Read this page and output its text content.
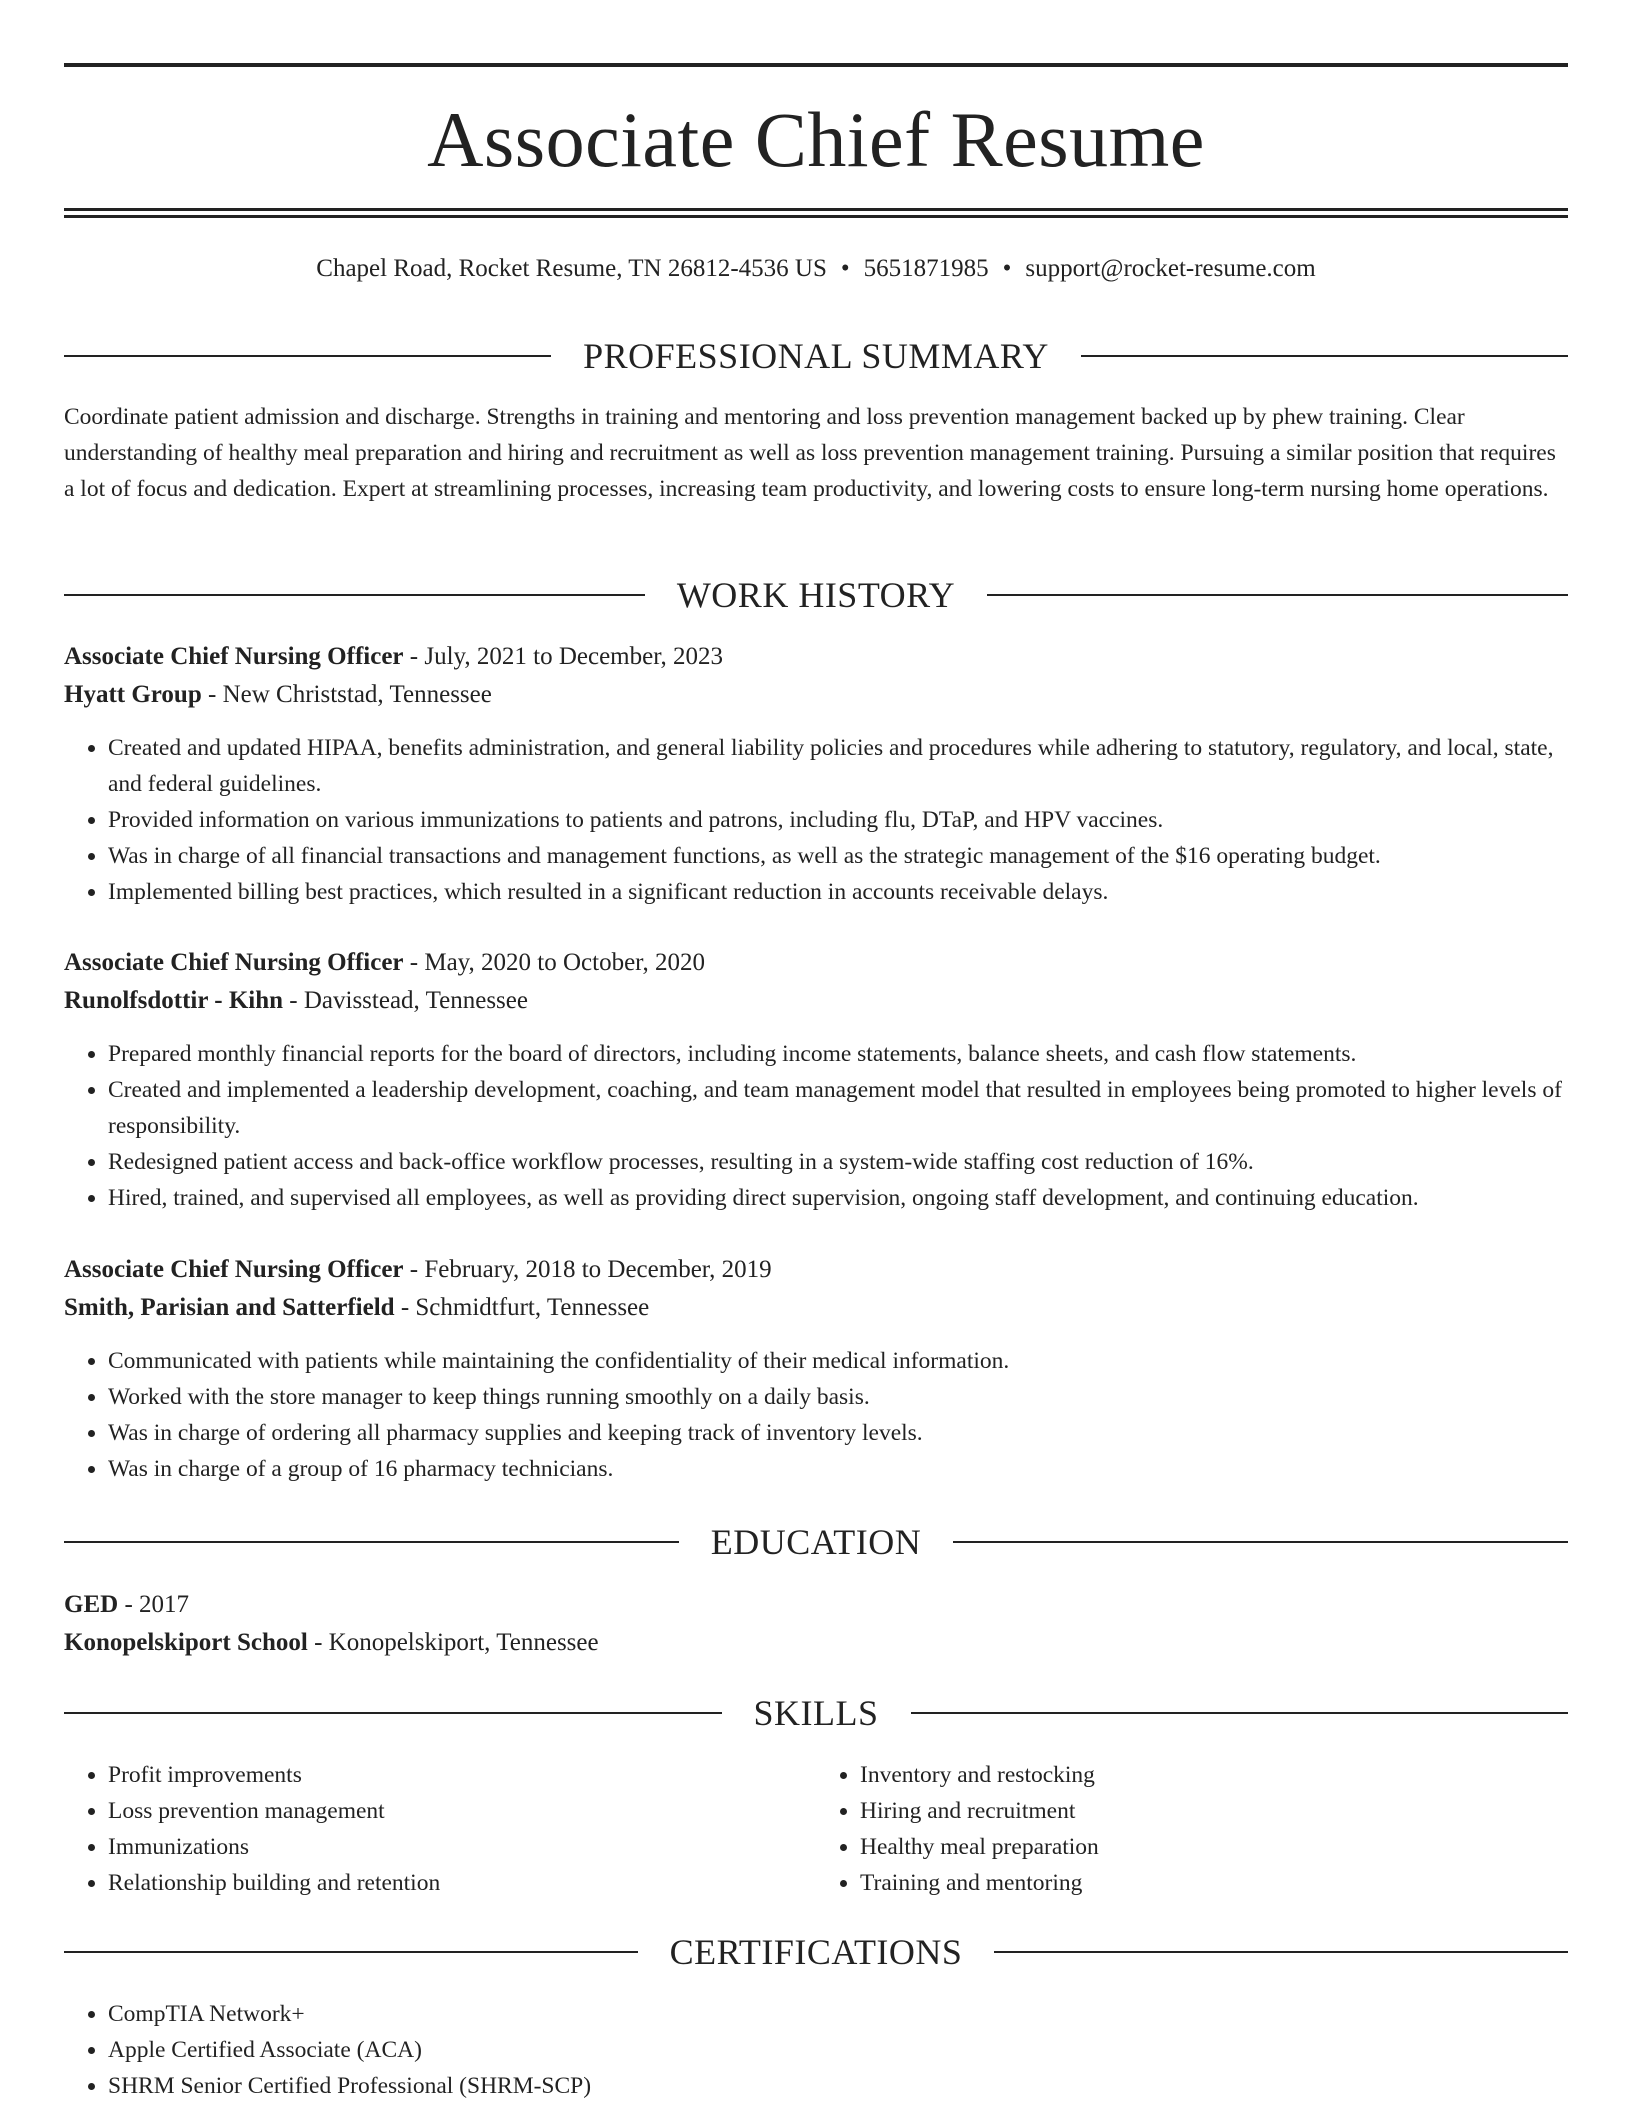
Associate Chief Resume
Chapel Road, Rocket Resume, TN 26812-4536 US • 5651871985 • support@rocket-resume.com
PROFESSIONAL SUMMARY

Coordinate patient admission and discharge. Strengths in training and mentoring and loss prevention management backed up by phew training. Clear understanding of healthy meal preparation and hiring and recruitment as well as loss prevention management training. Pursuing a similar position that requires a lot of focus and dedication. Expert at streamlining processes, increasing team productivity, and lowering costs to ensure long-term nursing home operations.

WORK HISTORY

Associate Chief Nursing Officer - July, 2021 to December, 2023

Hyatt Group - New Christstad, Tennessee

• Created and updated HIPAA, benefits administration, and general liability policies and procedures while adhering to statutory, regulatory, and local, state, and federal guidelines.
• Provided information on various immunizations to patients and patrons, including flu, DTaP, and HPV vaccines.
• Was in charge of all financial transactions and management functions, as well as the strategic management of the $16 operating budget.
• Implemented billing best practices, which resulted in a significant reduction in accounts receivable delays.

Associate Chief Nursing Officer - May, 2020 to October, 2020

Runolfsdottir - Kihn - Davisstead, Tennessee

• Prepared monthly financial reports for the board of directors, including income statements, balance sheets, and cash flow statements.
• Created and implemented a leadership development, coaching, and team management model that resulted in employees being promoted to higher levels of responsibility.
• Redesigned patient access and back-office workflow processes, resulting in a system-wide staffing cost reduction of 16%.
• Hired, trained, and supervised all employees, as well as providing direct supervision, ongoing staff development, and continuing education.

Associate Chief Nursing Officer - February, 2018 to December, 2019

Smith, Parisian and Satterfield - Schmidtfurt, Tennessee

• Communicated with patients while maintaining the confidentiality of their medical information.
• Worked with the store manager to keep things running smoothly on a daily basis.
• Was in charge of ordering all pharmacy supplies and keeping track of inventory levels.
• Was in charge of a group of 16 pharmacy technicians.
EDUCATION

GED - 2017

Konopelskiport School - Konopelskiport, Tennessee

SKILLS
• Profit improvements
• Loss prevention management
• Immunizations
• Relationship building and retention
• Inventory and restocking
• Hiring and recruitment
• Healthy meal preparation
• Training and mentoring
CERTIFICATIONS
• CompTIA Network+
• Apple Certified Associate (ACA)
• SHRM Senior Certified Professional (SHRM-SCP)
